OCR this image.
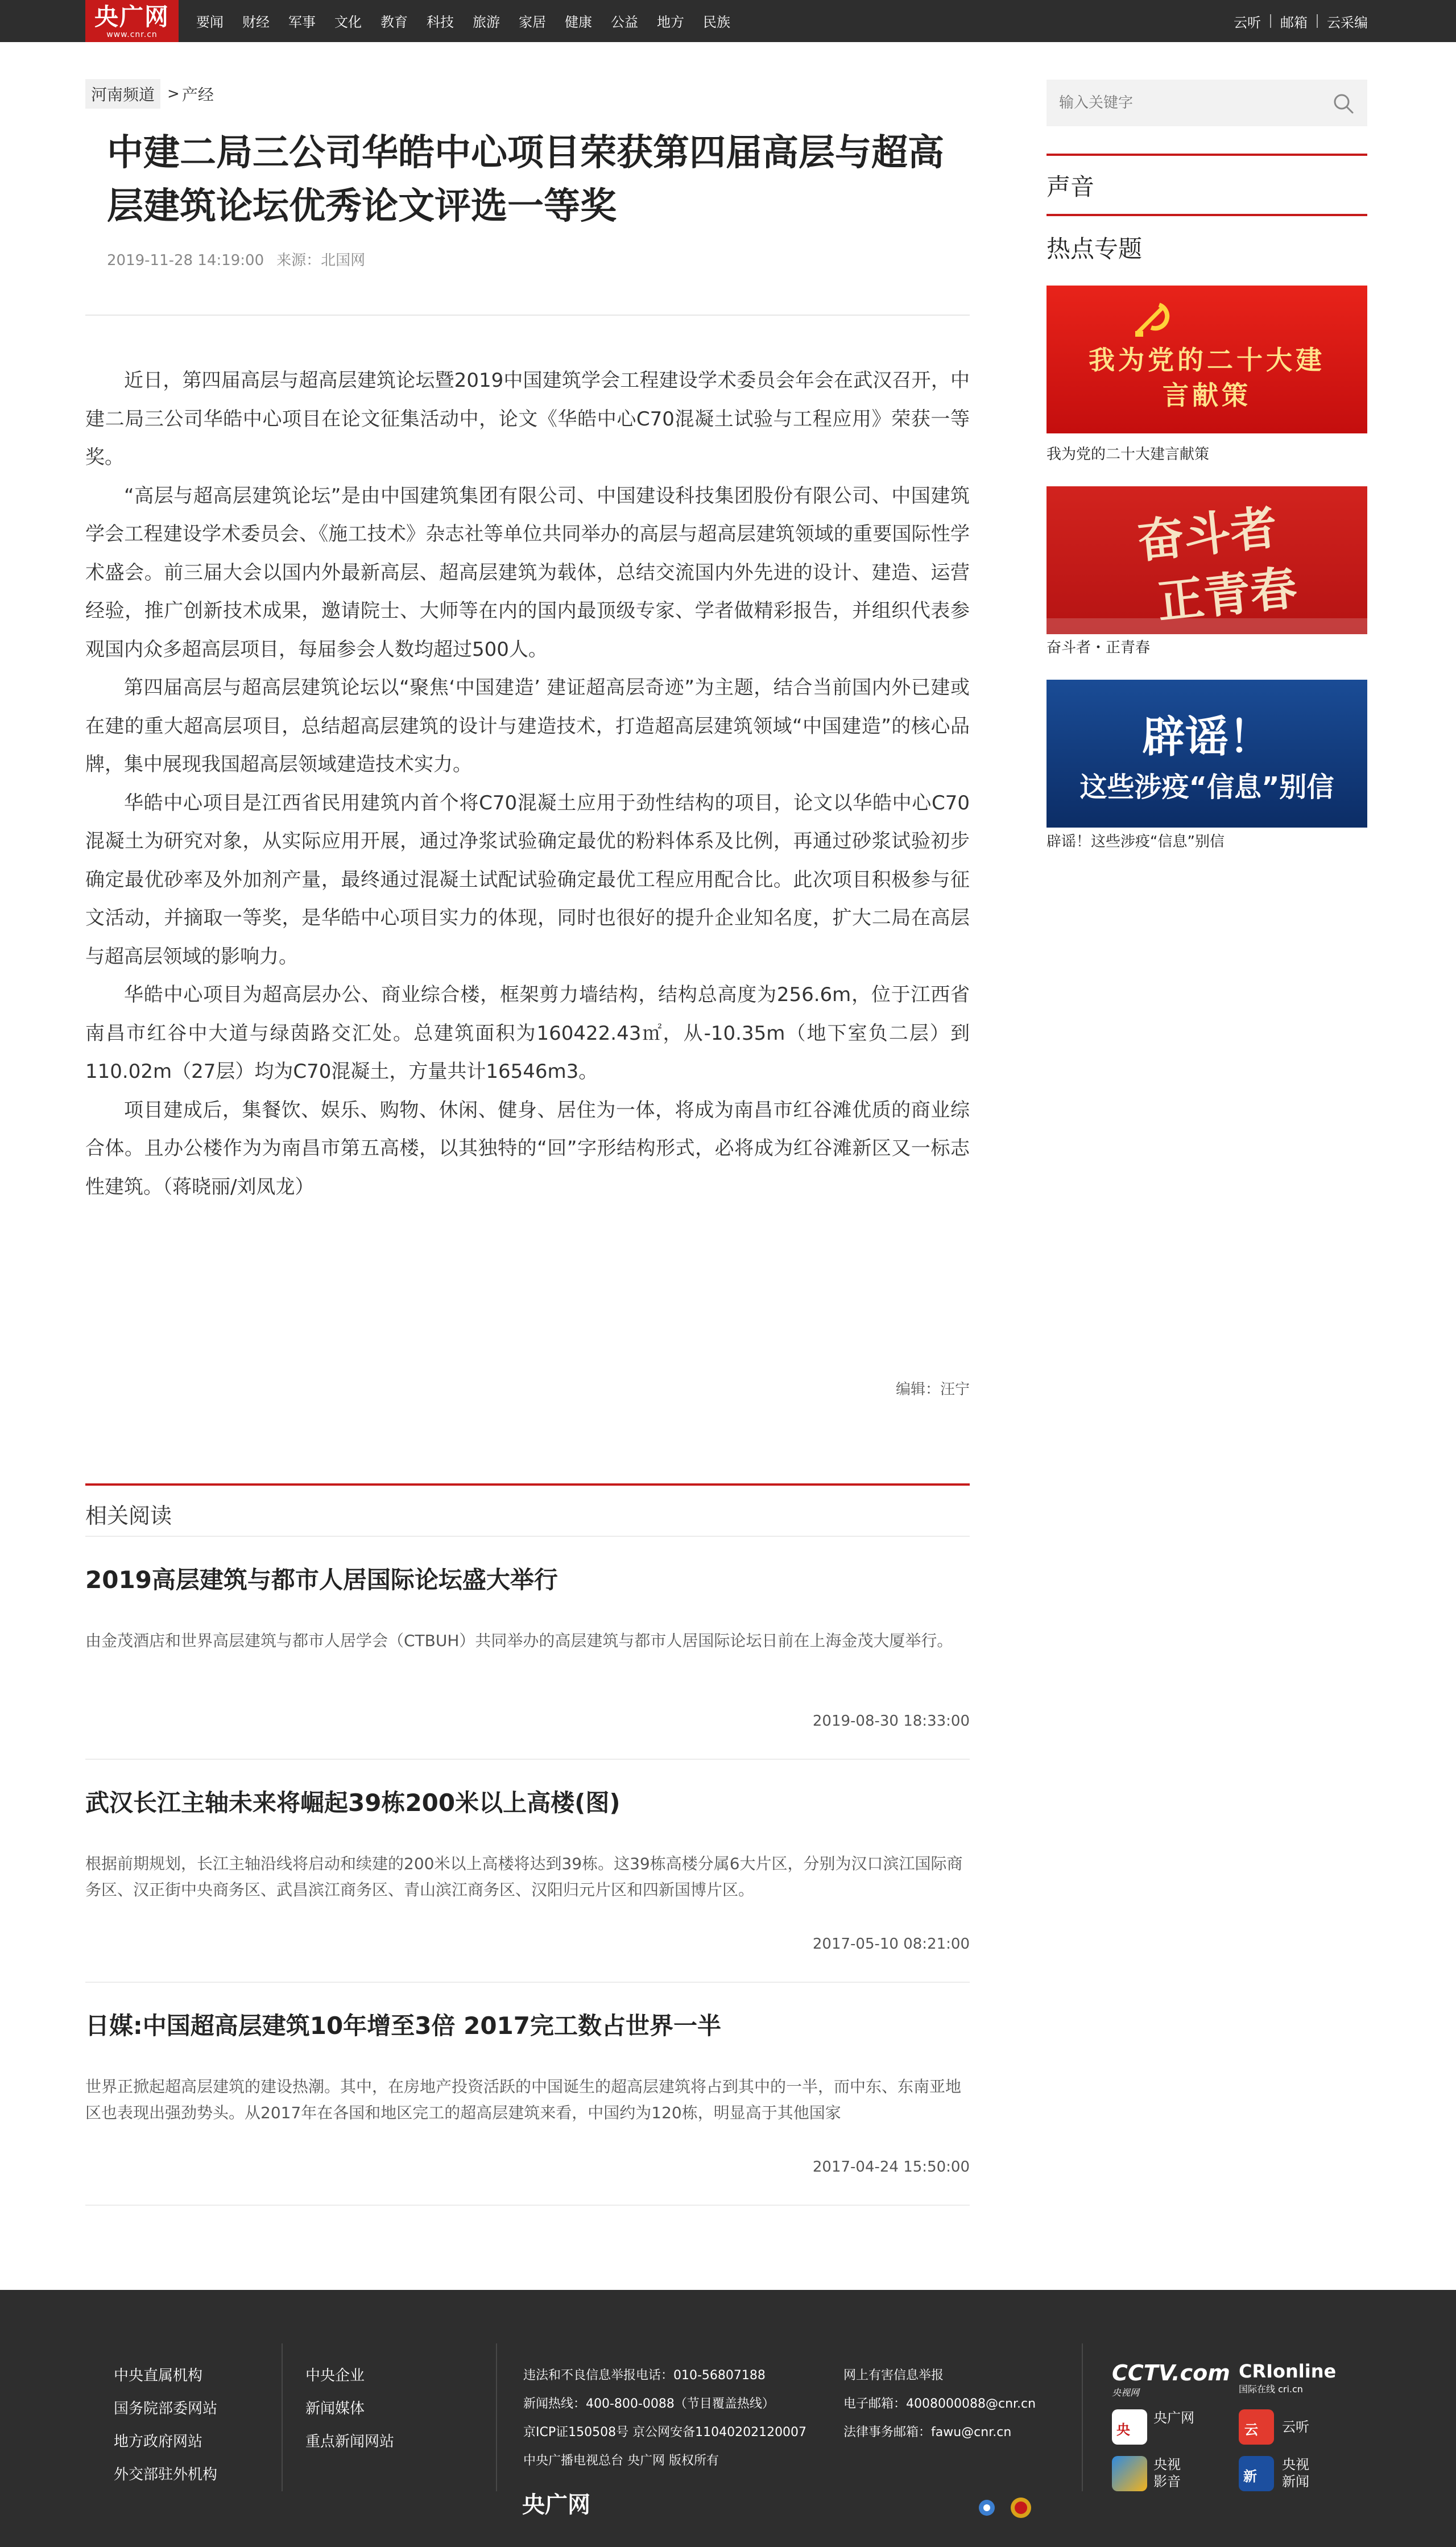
央广网
www.cnr.cn
要闻 财经 军事 文化 教育 科技 旅游 家居 健康 公益 地方 民族	云听 邮箱 云采编
河南频道 > 产经
中建二局三公司华皓中心项目荣获第四届高层与超高层建筑论坛优秀论文评选一等奖
2019-11-28 14:19:00 来源：北国网

近日，第四届高层与超高层建筑论坛暨2019中国建筑学会工程建设学术委员会年会在武汉召开，中建二局三公司华皓中心项目在论文征集活动中，论文《华皓中心C70混凝土试验与工程应用》荣获一等奖。

“高层与超高层建筑论坛”是由中国建筑集团有限公司、中国建设科技集团股份有限公司、中国建筑学会工程建设学术委员会、《施工技术》杂志社等单位共同举办的高层与超高层建筑领域的重要国际性学术盛会。前三届大会以国内外最新高层、超高层建筑为载体，总结交流国内外先进的设计、建造、运营经验，推广创新技术成果，邀请院士、大师等在内的国内最顶级专家、学者做精彩报告，并组织代表参观国内众多超高层项目，每届参会人数均超过500人。

第四届高层与超高层建筑论坛以“聚焦‘中国建造’ 建证超高层奇迹”为主题，结合当前国内外已建或在建的重大超高层项目，总结超高层建筑的设计与建造技术，打造超高层建筑领域“中国建造”的核心品牌，集中展现我国超高层领域建造技术实力。

华皓中心项目是江西省民用建筑内首个将C70混凝土应用于劲性结构的项目，论文以华皓中心C70混凝土为研究对象，从实际应用开展，通过净浆试验确定最优的粉料体系及比例，再通过砂浆试验初步确定最优砂率及外加剂产量，最终通过混凝土试配试验确定最优工程应用配合比。此次项目积极参与征文活动，并摘取一等奖，是华皓中心项目实力的体现，同时也很好的提升企业知名度，扩大二局在高层与超高层领域的影响力。

华皓中心项目为超高层办公、商业综合楼，框架剪力墙结构，结构总高度为256.6m，位于江西省南昌市红谷中大道与绿茵路交汇处。总建筑面积为160422.43㎡，从-10.35m（地下室负二层）到110.02m（27层）均为C70混凝土，方量共计16546m3。

项目建成后，集餐饮、娱乐、购物、休闲、健身、居住为一体，将成为南昌市红谷滩优质的商业综合体。且办公楼作为为南昌市第五高楼，以其独特的“回”字形结构形式，必将成为红谷滩新区又一标志性建筑。（蒋晓丽/刘凤龙）

编辑：汪宁
相关阅读
2019高层建筑与都市人居国际论坛盛大举行

由金茂酒店和世界高层建筑与都市人居学会（CTBUH）共同举办的高层建筑与都市人居国际论坛日前在上海金茂大厦举行。

2019-08-30 18:33:00
武汉长江主轴未来将崛起39栋200米以上高楼(图)

根据前期规划，长江主轴沿线将启动和续建的200米以上高楼将达到39栋。这39栋高楼分属6大片区，分别为汉口滨江国际商务区、汉正街中央商务区、武昌滨江商务区、青山滨江商务区、汉阳归元片区和四新国博片区。

2017-05-10 08:21:00
日媒:中国超高层建筑10年增至3倍 2017完工数占世界一半

世界正掀起超高层建筑的建设热潮。其中，在房地产投资活跃的中国诞生的超高层建筑将占到其中的一半，而中东、东南亚地区也表现出强劲势头。从2017年在各国和地区完工的超高层建筑来看，中国约为120栋，明显高于其他国家

2017-04-24 15:50:00
输入关键字
声音
热点专题
我为党的二十大建言献策
我为党的二十大建言献策
奋斗者
正青春
奋斗者・正青春
辟谣！
这些涉疫“信息”别信
辟谣！这些涉疫“信息”别信
中央直属机构
国务院部委网站
地方政府网站
外交部驻外机构
中央企业
新闻媒体
重点新闻网站
违法和不良信息举报电话：010-56807188
新闻热线：400-800-0088（节目覆盖热线）
京ICP证150508号 京公网安备11040202120007
中央广播电视总台 央广网 版权所有
网上有害信息举报
电子邮箱：4008000088@cnr.cn
法律事务邮箱：fawu@cnr.cn
央广网
CCTV.com
央视网
CRIonline
国际在线 cri.cn
央
央广网
云 云听
央视影音	新
央视新闻
